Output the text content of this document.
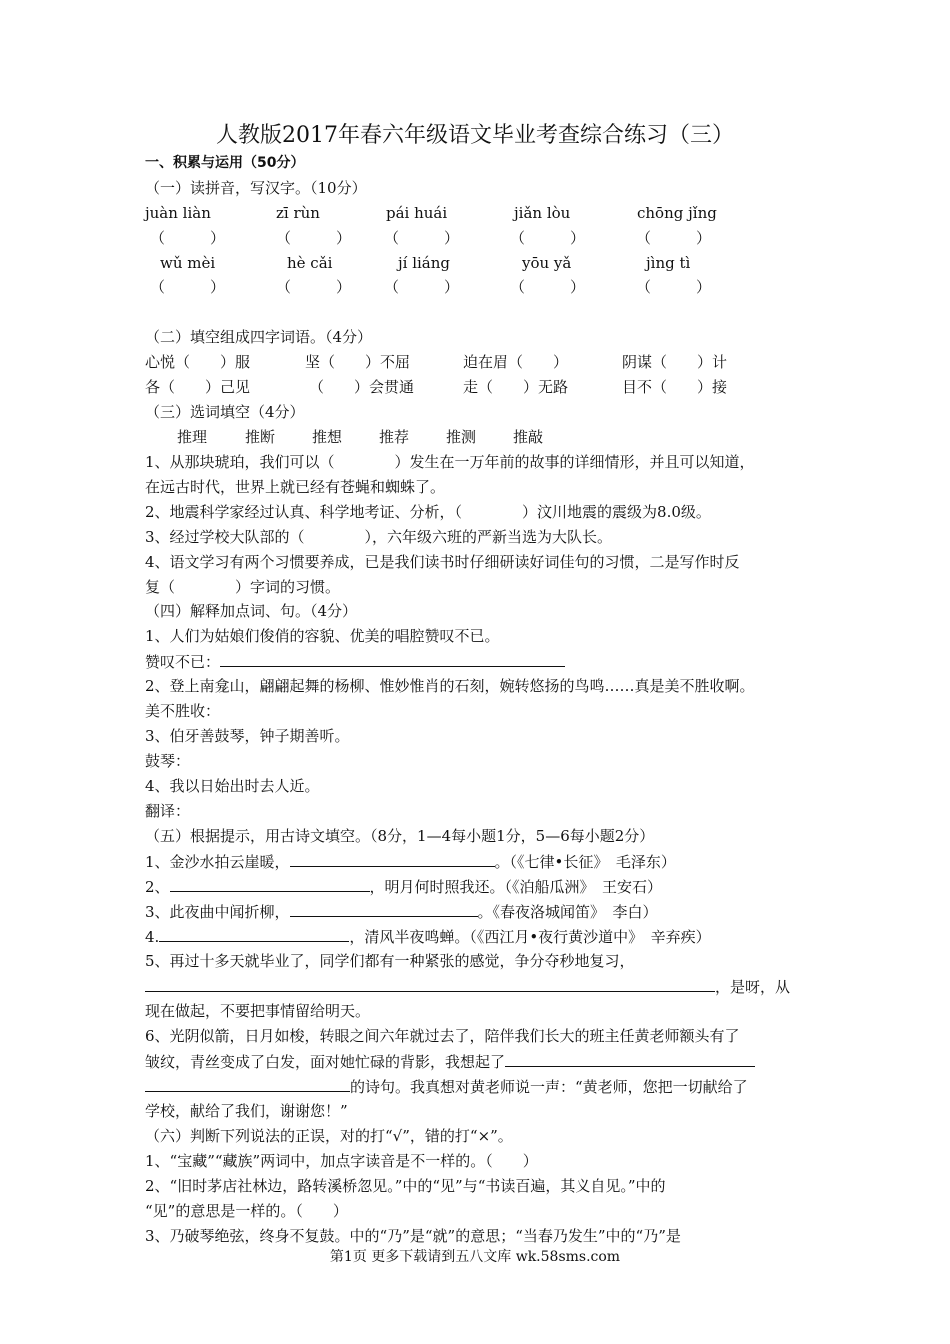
人教版2017年春六年级语文毕业考查综合练习（三）
一、积累与运用（50分）
（一）读拼音，写汉字。（10分）
juàn liàn	zī rùn	pái huái	jiǎn lòu	chōng jǐng
（　　　）	（　　　） （　　　）	（　　　）	（　　　）
wǔ mèi	hè cǎi	jí liáng	yōu yǎ	jìng tì
（　　　）	（　　　） （　　　）	（　　　）	（　　　）
（二）填空组成四字词语。（4分）
心悦（　　）服	坚（　　）不屈	迫在眉（　　）	阴谋（　　）计
各（　　）己见	（　　）会贯通	走（　　）无路	目不（　　）接
（三）选词填空（4分）
推理	推断 推想 推荐 推测 推敲
1、从那块琥珀，我们可以（　　　　）发生在一万年前的故事的详细情形，并且可以知道，
在远古时代，世界上就已经有苍蝇和蜘蛛了。
2、地震科学家经过认真、科学地考证、分析，（　　　　）汶川地震的震级为8.0级。
3、经过学校大队部的（　　　　），六年级六班的严新当选为大队长。
4、语文学习有两个习惯要养成，已是我们读书时仔细研读好词佳句的习惯，二是写作时反
复（　　　　）字词的习惯。
（四）解释加点词、句。（4分）
1、人们为姑娘们俊俏的容貌、优美的唱腔赞叹不已。
赞叹不已：
2、登上南龛山，翩翩起舞的杨柳、惟妙惟肖的石刻，婉转悠扬的鸟鸣……真是美不胜收啊。
美不胜收：
3、伯牙善鼓琴，钟子期善听。
鼓琴：
4、我以日始出时去人近。
翻译：
（五）根据提示，用古诗文填空。（8分，1—4每小题1分，5—6每小题2分）
1、金沙水拍云崖暖，	。（《七律•长征》　毛泽东）
2、	，明月何时照我还。（《泊船瓜洲》　王安石）
3、此夜曲中闻折柳，	。《春夜洛城闻笛》　李白）
4.	，清风半夜鸣蝉。（《西江月•夜行黄沙道中》　辛弃疾）
5、再过十多天就毕业了，同学们都有一种紧张的感觉，争分夺秒地复习，
，是呀，从
现在做起，不要把事情留给明天。
6、光阴似箭，日月如梭，转眼之间六年就过去了，陪伴我们长大的班主任黄老师额头有了
皱纹，青丝变成了白发，面对她忙碌的背影，我想起了
的诗句。我真想对黄老师说一声：“黄老师，您把一切献给了
学校，献给了我们，谢谢您！”
（六）判断下列说法的正误，对的打“√”，错的打“×”。
1、“宝藏”“藏族”两词中，加点字读音是不一样的。（　　）
2、“旧时茅店社林边，路转溪桥忽见。”中的“见”与“书读百遍，其义自见。”中的
“见”的意思是一样的。（　　）
3、乃破琴绝弦，终身不复鼓。中的“乃”是“就”的意思；“当春乃发生”中的“乃”是
第1页 更多下载请到五八文库 wk.58sms.com
